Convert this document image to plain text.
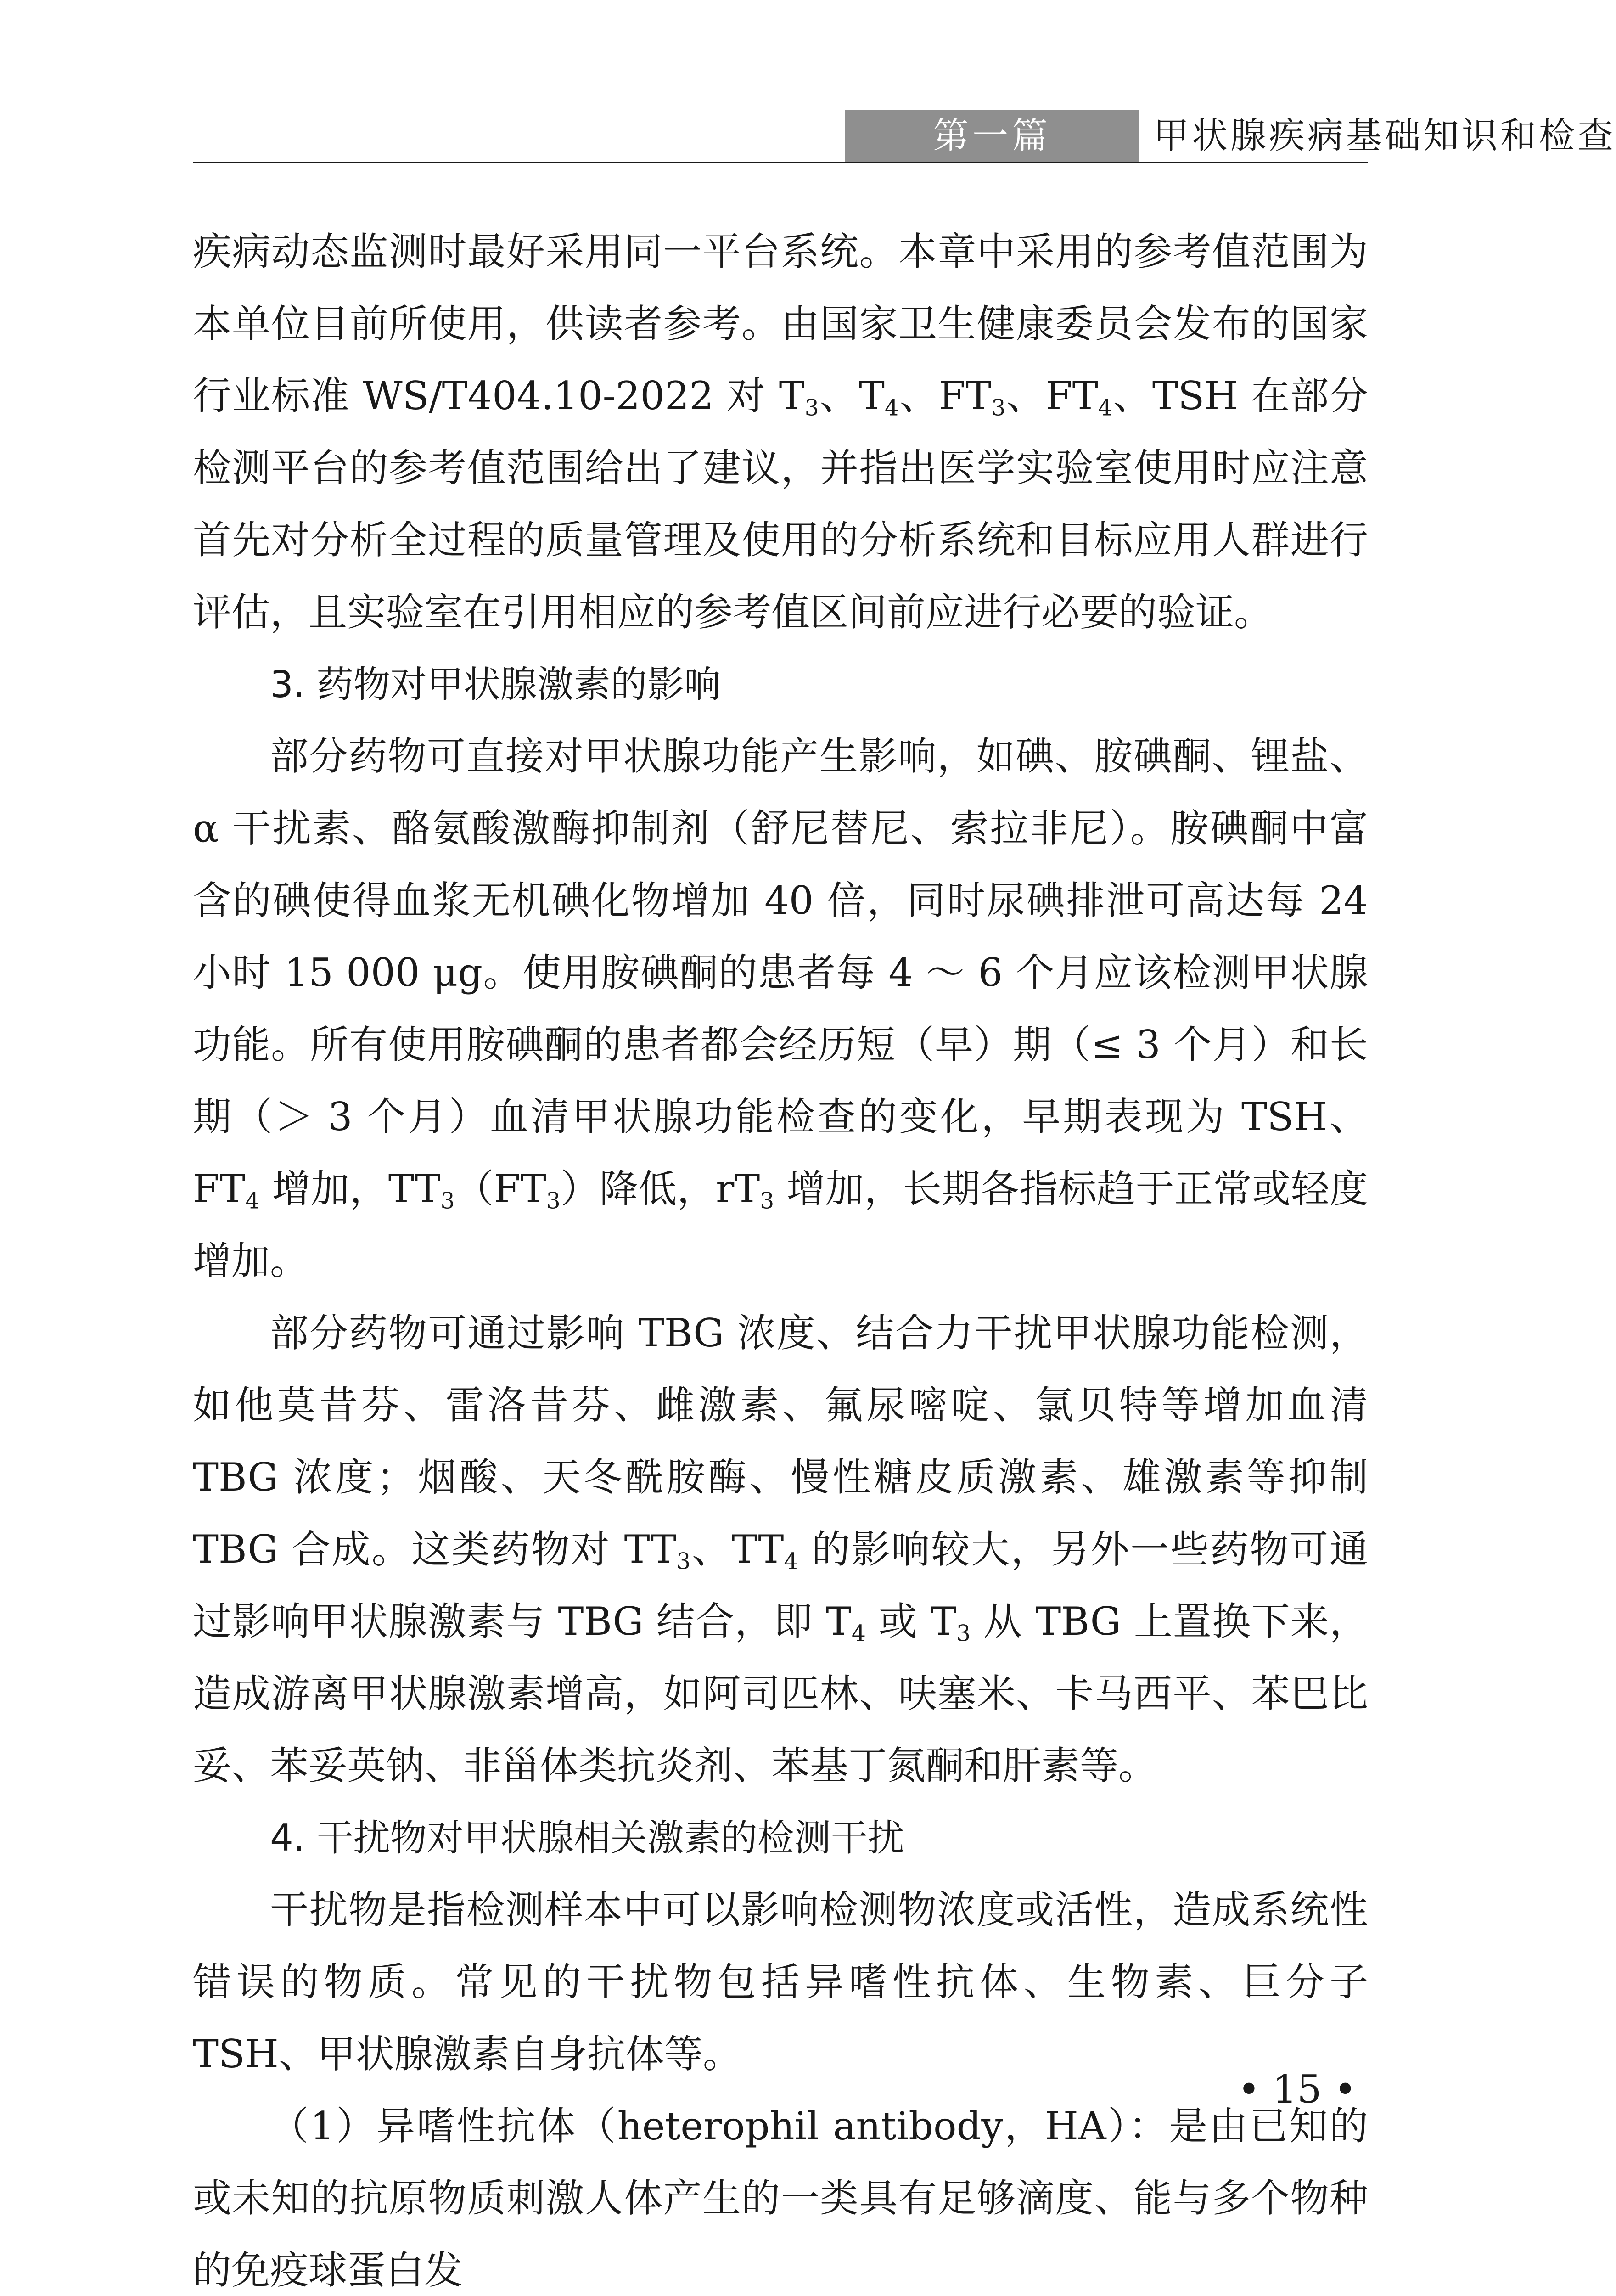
第一篇	甲状腺疾病基础知识和检查

疾病动态监测时最好采用同一平台系统。本章中采用的参考值范围为本单位目前所使用，供读者参考。由国家卫生健康委员会发布的国家行业标准 WS/T404.10-2022 对 $T_3$、$T_4$、$FT_3$、$FT_4$、TSH 在部分检测平台的参考值范围给出了建议，并指出医学实验室使用时应注意首先对分析全过程的质量管理及使用的分析系统和目标应用人群进行评估，且实验室在引用相应的参考值区间前应进行必要的验证。

3. 药物对甲状腺激素的影响

部分药物可直接对甲状腺功能产生影响，如碘、胺碘酮、锂盐、α 干扰素、酪氨酸激酶抑制剂（舒尼替尼、索拉非尼）。胺碘酮中富含的碘使得血浆无机碘化物增加 40 倍，同时尿碘排泄可高达每 24 小时 15 000 μg。使用胺碘酮的患者每 4 ～ 6 个月应该检测甲状腺功能。所有使用胺碘酮的患者都会经历短（早）期（≤ 3 个月）和长期（＞ 3 个月）血清甲状腺功能检查的变化，早期表现为 TSH、$FT_4$ 增加，$TT_3(FT_3)$降低，$rT_3$ 增加，长期各指标趋于正常或轻度增加。

部分药物可通过影响 TBG 浓度、结合力干扰甲状腺功能检测，如他莫昔芬、雷洛昔芬、雌激素、氟尿嘧啶、氯贝特等增加血清 TBG 浓度；烟酸、天冬酰胺酶、慢性糖皮质激素、雄激素等抑制 TBG 合成。这类药物对 $TT_3$、$TT_4$ 的影响较大，另外一些药物可通过影响甲状腺激素与 TBG 结合，即 $T_4$ 或 $T_3$ 从 TBG 上置换下来，造成游离甲状腺激素增高，如阿司匹林、呋塞米、卡马西平、苯巴比妥、苯妥英钠、非甾体类抗炎剂、苯基丁氮酮和肝素等。

4. 干扰物对甲状腺相关激素的检测干扰

干扰物是指检测样本中可以影响检测物浓度或活性，造成系统性错误的物质。常见的干扰物包括异嗜性抗体、生物素、巨分子 TSH、甲状腺激素自身抗体等。

（1）异嗜性抗体（heterophil antibody，HA）：是由已知的或未知的抗原物质刺激人体产生的一类具有足够滴度、能与多个物种的免疫球蛋白发

• 15 •
